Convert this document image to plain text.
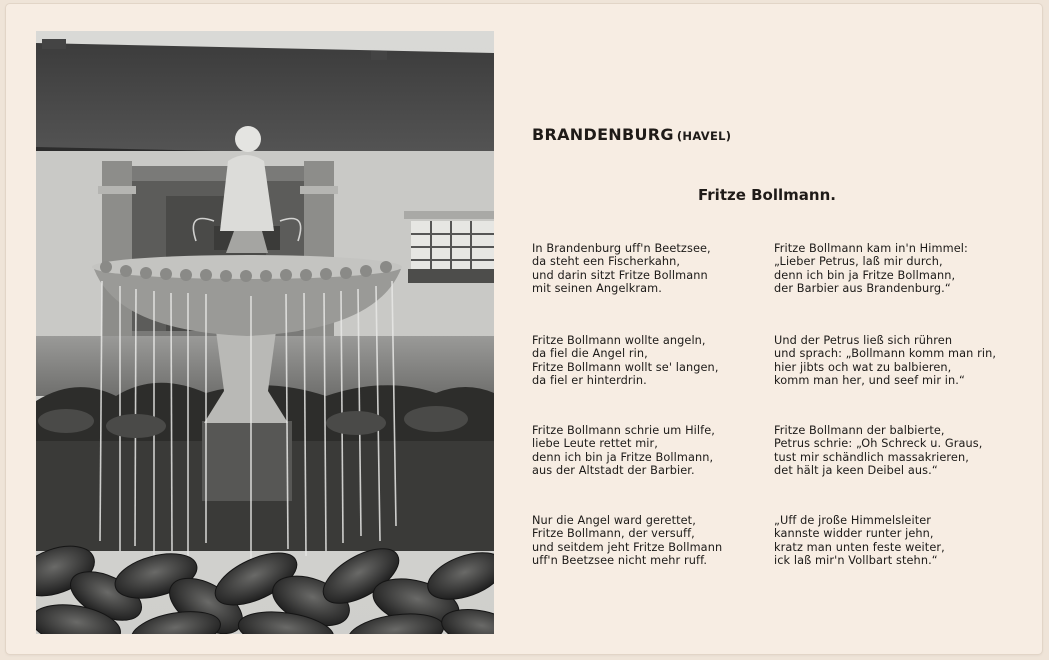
BRANDENBURG (HAVEL)
Fritze Bollmann.
In Brandenburg uff'n Beetzsee,
da steht een Fischerkahn,
und darin sitzt Fritze Bollmann
mit seinen Angelkram.
Fritze Bollmann kam in'n Himmel:
„Lieber Petrus, laß mir durch,
denn ich bin ja Fritze Bollmann,
der Barbier aus Brandenburg.“
Fritze Bollmann wollte angeln,
da fiel die Angel rin,
Fritze Bollmann wollt se' langen,
da fiel er hinterdrin.
Und der Petrus ließ sich rühren
und sprach: „Bollmann komm man rin,
hier jibts och wat zu balbieren,
komm man her, und seef mir in.“
Fritze Bollmann schrie um Hilfe,
liebe Leute rettet mir,
denn ich bin ja Fritze Bollmann,
aus der Altstadt der Barbier.
Fritze Bollmann der balbierte,
Petrus schrie: „Oh Schreck u. Graus,
tust mir schändlich massakrieren,
det hält ja keen Deibel aus.“
Nur die Angel ward gerettet,
Fritze Bollmann, der versuff,
und seitdem jeht Fritze Bollmann
uff'n Beetzsee nicht mehr ruff.
„Uff de jroße Himmelsleiter
kannste widder runter jehn,
kratz man unten feste weiter,
ick laß mir'n Vollbart stehn.“
